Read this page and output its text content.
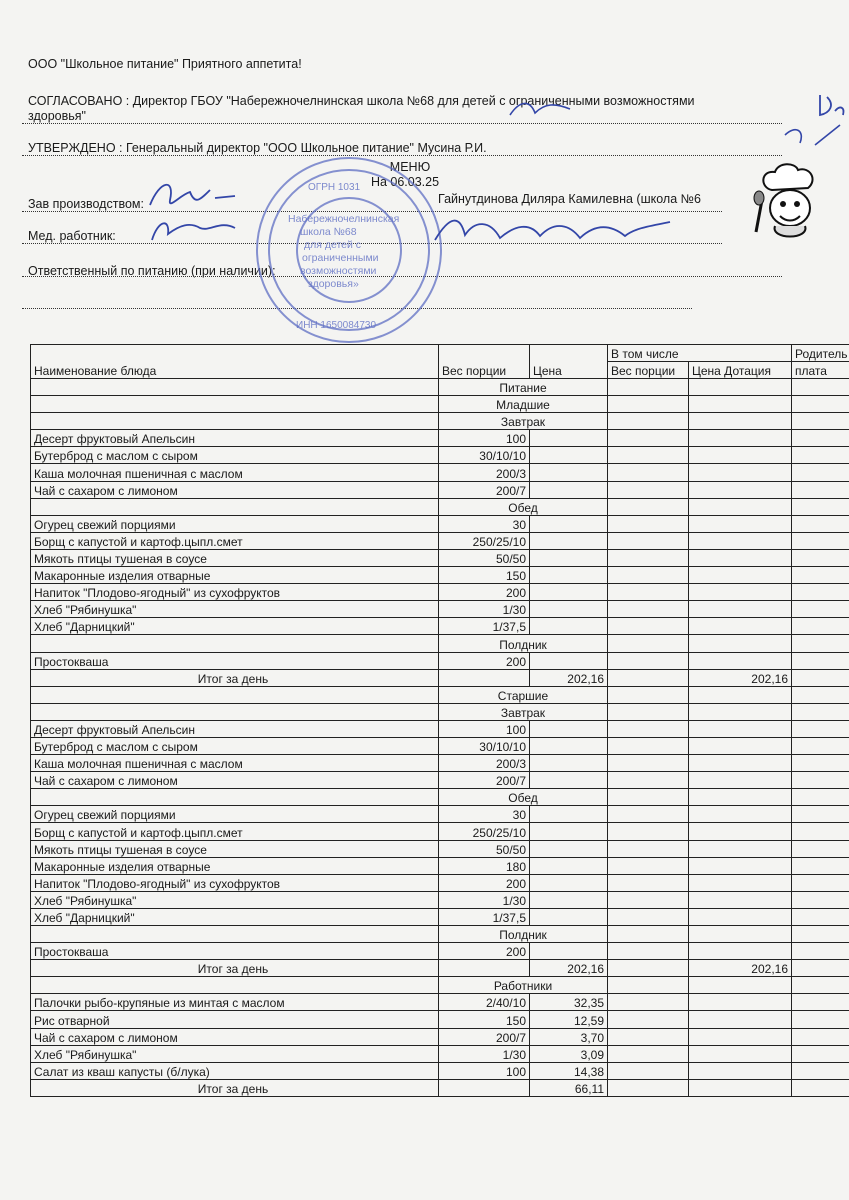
ООО "Школьное питание" Приятного аппетита!
СОГЛАСОВАНО : Директор ГБОУ "Набережночелнинская школа №68 для детей с ограниченными возможностями
здоровья"
УТВЕРЖДЕНО : Генеральный директор "ООО Школьное питание" Мусина Р.И.
МЕНЮ
На 06.03.25
Зав производством:	Гайнутдинова Диляра Камилевна (школа №6
Мед. работник:
Ответственный по питанию (при наличии):
ОГРН 1031
Набережночелнинская
школа №68
для детей с
ограниченными
возможностями
здоровья»
ИНН 1650084730
Наименование блюда	Вес порции	Цена	В том числе		Родитель
			Вес порции	Цена Дотация	плата
	Питание				
	Младшие				
	Завтрак				
Десерт фруктовый Апельсин	100				
Бутерброд с маслом с сыром	30/10/10				
Каша молочная пшеничная с маслом	200/3				
Чай с сахаром с лимоном	200/7				
	Обед				
Огурец свежий порциями	30				
Борщ с капустой и картоф.цыпл.смет	250/25/10				
Мякоть птицы тушеная в соусе	50/50				
Макаронные изделия отварные	150				
Напиток "Плодово-ягодный" из сухофруктов	200				
Хлеб "Рябинушка"	1/30				
Хлеб "Дарницкий"	1/37,5				
	Полдник				
Простокваша	200				
Итог за день		202,16		202,16	
	Старшие				
	Завтрак				
Десерт фруктовый Апельсин	100				
Бутерброд с маслом с сыром	30/10/10				
Каша молочная пшеничная с маслом	200/3				
Чай с сахаром с лимоном	200/7				
	Обед				
Огурец свежий порциями	30				
Борщ с капустой и картоф.цыпл.смет	250/25/10				
Мякоть птицы тушеная в соусе	50/50				
Макаронные изделия отварные	180				
Напиток "Плодово-ягодный" из сухофруктов	200				
Хлеб "Рябинушка"	1/30				
Хлеб "Дарницкий"	1/37,5				
	Полдник				
Простокваша	200				
Итог за день		202,16		202,16	
	Работники				
Палочки рыбо-крупяные из минтая с маслом	2/40/10	32,35			
Рис отварной	150	12,59			
Чай с сахаром с лимоном	200/7	3,70			
Хлеб "Рябинушка"	1/30	3,09			
Салат из кваш капусты (б/лука)	100	14,38			
Итог за день		66,11			
